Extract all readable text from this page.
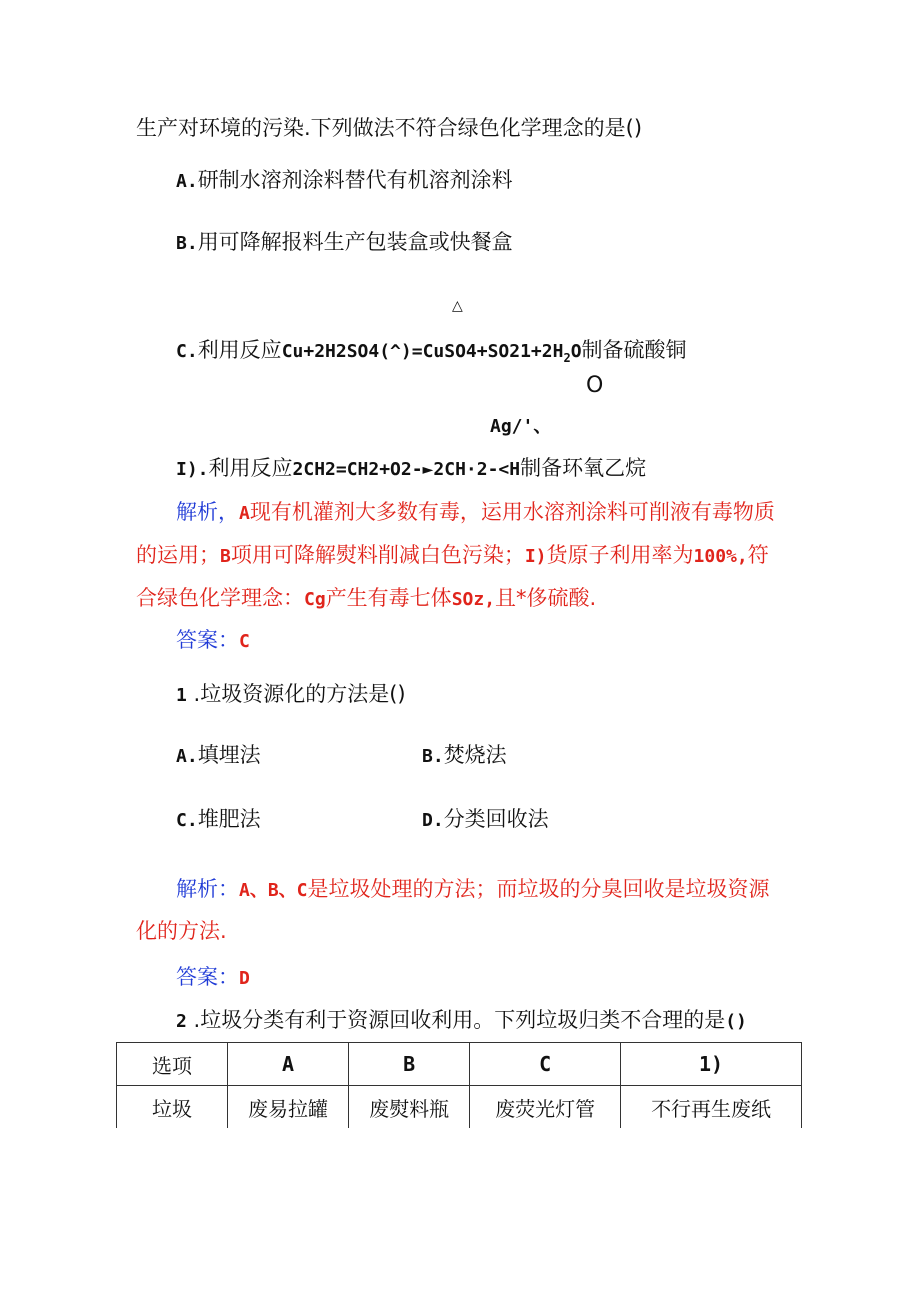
生产对环境的污染.下列做法不符合绿色化学理念的是()
A.研制水溶剂涂料替代有机溶剂涂料
B.用可降解报料生产包装盒或快餐盒
△
C.利用反应$Cu+2H2SO4(\^{})=CuSO4+SO21+2H_2O$制备硫酸铜
O
Ag/'、
I).利用反应2CH2=CH2+O2-►2CH·2-<H制备环氧乙烷
解析，A现有机灌剂大多数有毒，运用水溶剂涂料可削液有毒物质
的运用；B项用可降解熨料削减白色污染；I)货原子利用率为100%,符
合绿色化学理念：Cg产生有毒七体SOz,且*侈硫酸.
答案：C
1 .垃圾资源化的方法是()
A.填埋法	B.焚烧法
C.堆肥法	D.分类回收法
解析：A、B、C是垃圾处理的方法；而垃圾的分臭回收是垃圾资源
化的方法.
答案：D
2 .垃圾分类有利于资源回收利用。下列垃圾归类不合理的是()
选项	A	B	C	1)
垃圾	废易拉罐	废熨料瓶	废荧光灯管	不行再生废纸
